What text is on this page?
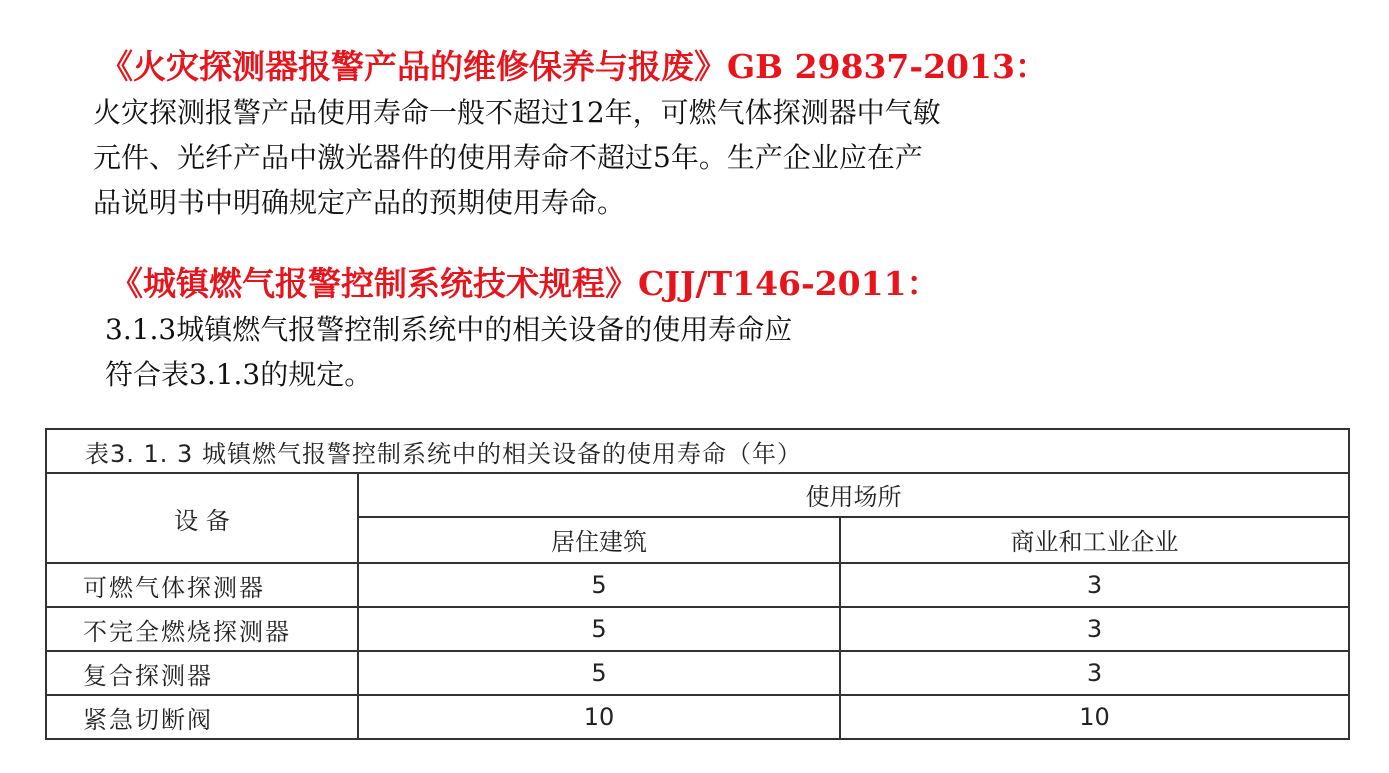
《火灾探测器报警产品的维修保养与报废》GB 29837-2013：
火灾探测报警产品使用寿命一般不超过12年，可燃气体探测器中气敏
元件、光纤产品中激光器件的使用寿命不超过5年。生产企业应在产
品说明书中明确规定产品的预期使用寿命。
《城镇燃气报警控制系统技术规程》CJJ/T146-2011：
3.1.3城镇燃气报警控制系统中的相关设备的使用寿命应
符合表3.1.3的规定。
表3. 1. 3 城镇燃气报警控制系统中的相关设备的使用寿命（年）		
设 备	使用场所	
	居住建筑	商业和工业企业
可燃气体探测器	5	3
不完全燃烧探测器	5	3
复合探测器	5	3
紧急切断阀	10	10
